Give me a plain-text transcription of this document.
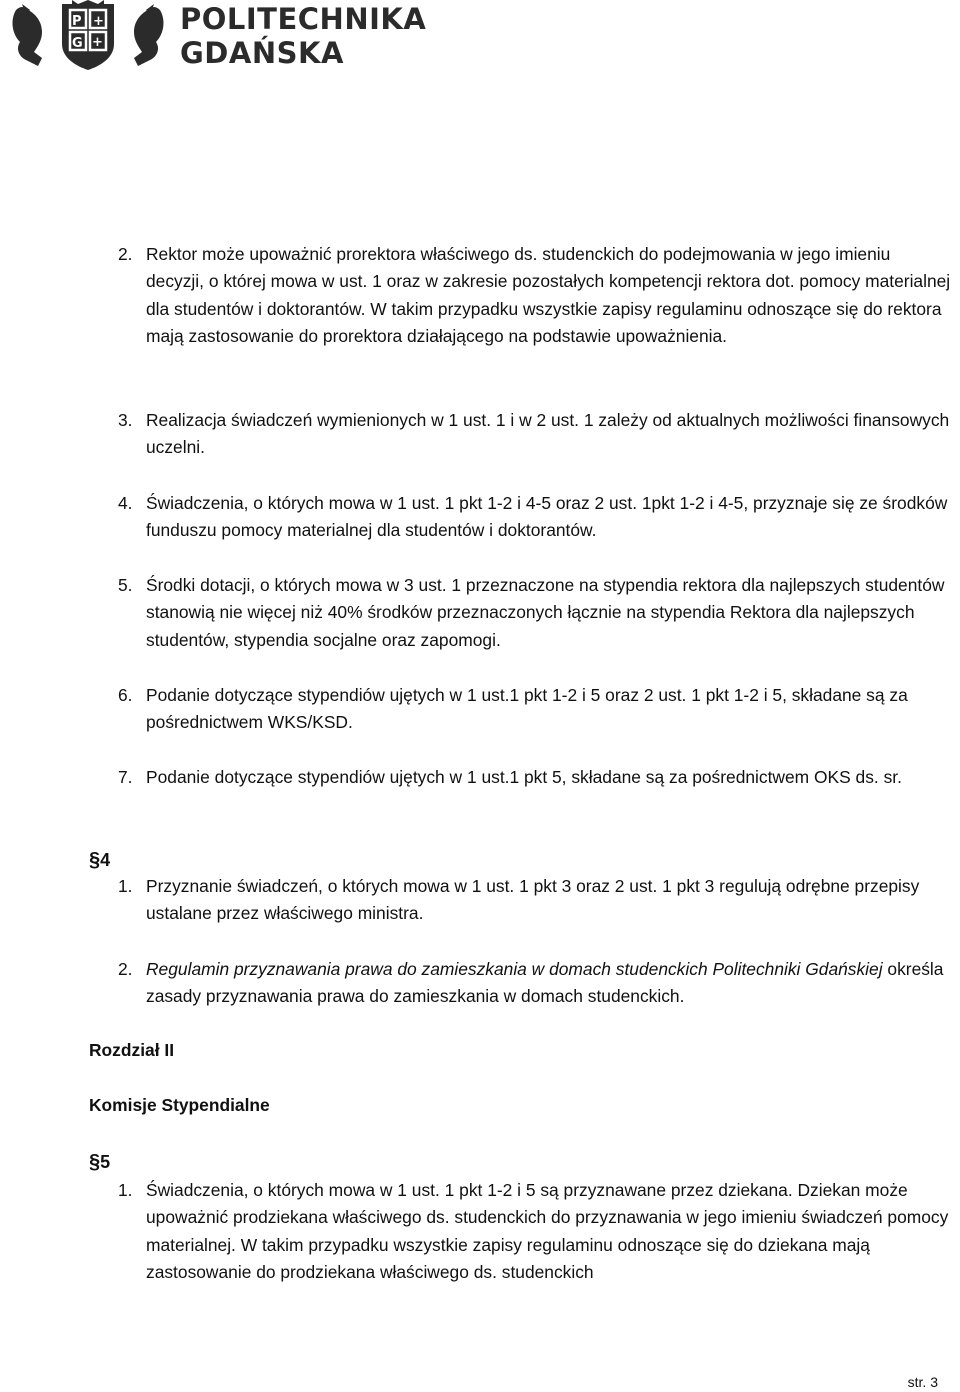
P
+
G
+	POLITECHNIKA
GDAŃSKA
2. Rektor może upoważnić prorektora właściwego ds. studenckich do podejmowania w jego imieniu decyzji, o której mowa w ust. 1 oraz w zakresie pozostałych kompetencji rektora dot. pomocy materialnej dla studentów i doktorantów. W takim przypadku wszystkie zapisy regulaminu odnoszące się do rektora mają zastosowanie do prorektora działającego na podstawie upoważnienia.
3. Realizacja świadczeń wymienionych w 1 ust. 1 i w 2 ust. 1 zależy od aktualnych możliwości finansowych uczelni.
4. Świadczenia, o których mowa w 1 ust. 1 pkt 1-2 i 4-5 oraz 2 ust. 1pkt 1-2 i 4-5, przyznaje się ze środków funduszu pomocy materialnej dla studentów i doktorantów.
5. Środki dotacji, o których mowa w 3 ust. 1 przeznaczone na stypendia rektora dla najlepszych studentów stanowią nie więcej niż 40% środków przeznaczonych łącznie na stypendia Rektora dla najlepszych studentów, stypendia socjalne oraz zapomogi.
6. Podanie dotyczące stypendiów ujętych w 1 ust.1 pkt 1-2 i 5 oraz 2 ust. 1 pkt 1-2 i 5, składane są za pośrednictwem WKS/KSD.
7. Podanie dotyczące stypendiów ujętych w 1 ust.1 pkt 5, składane są za pośrednictwem OKS ds. sr.
§4
1. Przyznanie świadczeń, o których mowa w 1 ust. 1 pkt 3 oraz 2 ust. 1 pkt 3 regulują odrębne przepisy ustalane przez właściwego ministra.
2. Regulamin przyznawania prawa do zamieszkania w domach studenckich Politechniki Gdańskiej określa zasady przyznawania prawa do zamieszkania w domach studenckich.
Rozdział II
Komisje Stypendialne
§5
1. Świadczenia, o których mowa w 1 ust. 1 pkt 1-2 i 5 są przyznawane przez dziekana. Dziekan może upoważnić prodziekana właściwego ds. studenckich do przyznawania w jego imieniu świadczeń pomocy materialnej. W takim przypadku wszystkie zapisy regulaminu odnoszące się do dziekana mają zastosowanie do prodziekana właściwego ds. studenckich
str. 3
